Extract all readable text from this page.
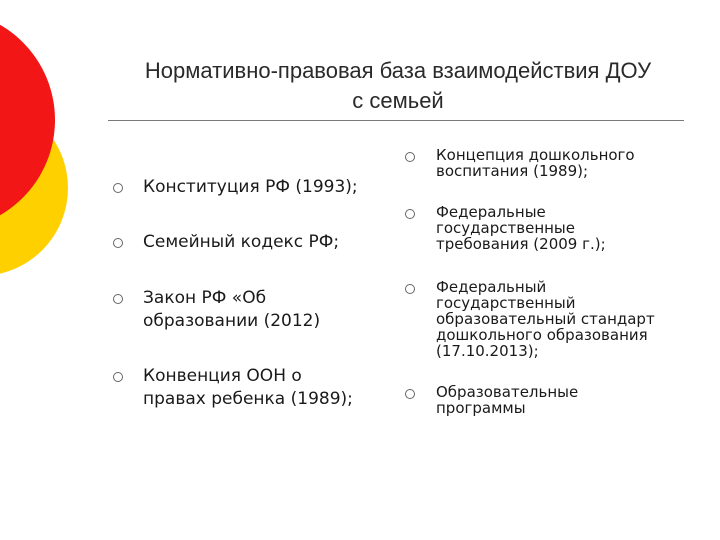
Нормативно-правовая база взаимодействия ДОУ
с семьей
Конституция РФ (1993);
Семейный кодекс РФ;
Закон РФ «Об
образовании (2012)
Конвенция ООН о
правах ребенка (1989);
Концепция дошкольного
воспитания (1989);
Федеральные
государственные
требования (2009 г.);
Федеральный
государственный
образовательный стандарт
дошкольного образования
(17.10.2013);
Образовательные
программы
